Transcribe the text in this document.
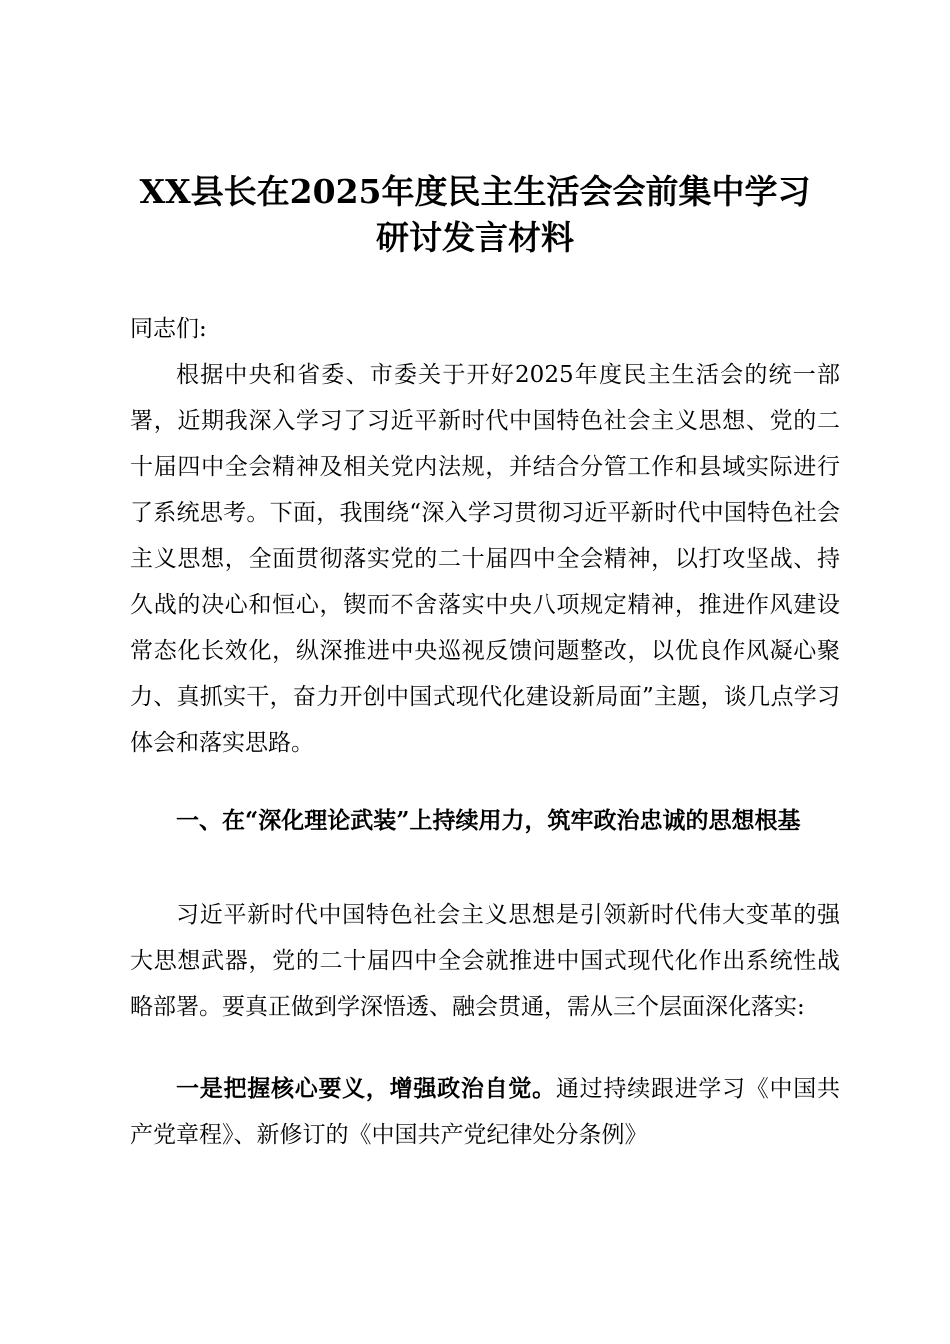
XX县长在2025年度民主生活会会前集中学习
研讨发言材料

同志们:

根据中央和省委、市委关于开好2025年度民主生活会的统一部署，近期我深入学习了习近平新时代中国特色社会主义思想、党的二十届四中全会精神及相关党内法规，并结合分管工作和县域实际进行了系统思考。下面，我围绕“深入学习贯彻习近平新时代中国特色社会主义思想，全面贯彻落实党的二十届四中全会精神，以打攻坚战、持久战的决心和恒心，锲而不舍落实中央八项规定精神，推进作风建设常态化长效化，纵深推进中央巡视反馈问题整改，以优良作风凝心聚力、真抓实干，奋力开创中国式现代化建设新局面”主题，谈几点学习体会和落实思路。

一、在“深化理论武装”上持续用力，筑牢政治忠诚的思想根基

习近平新时代中国特色社会主义思想是引领新时代伟大变革的强大思想武器，党的二十届四中全会就推进中国式现代化作出系统性战略部署。要真正做到学深悟透、融会贯通，需从三个层面深化落实:

一是把握核心要义，增强政治自觉。通过持续跟进学习《中国共产党章程》、新修订的《中国共产党纪律处分条例》
